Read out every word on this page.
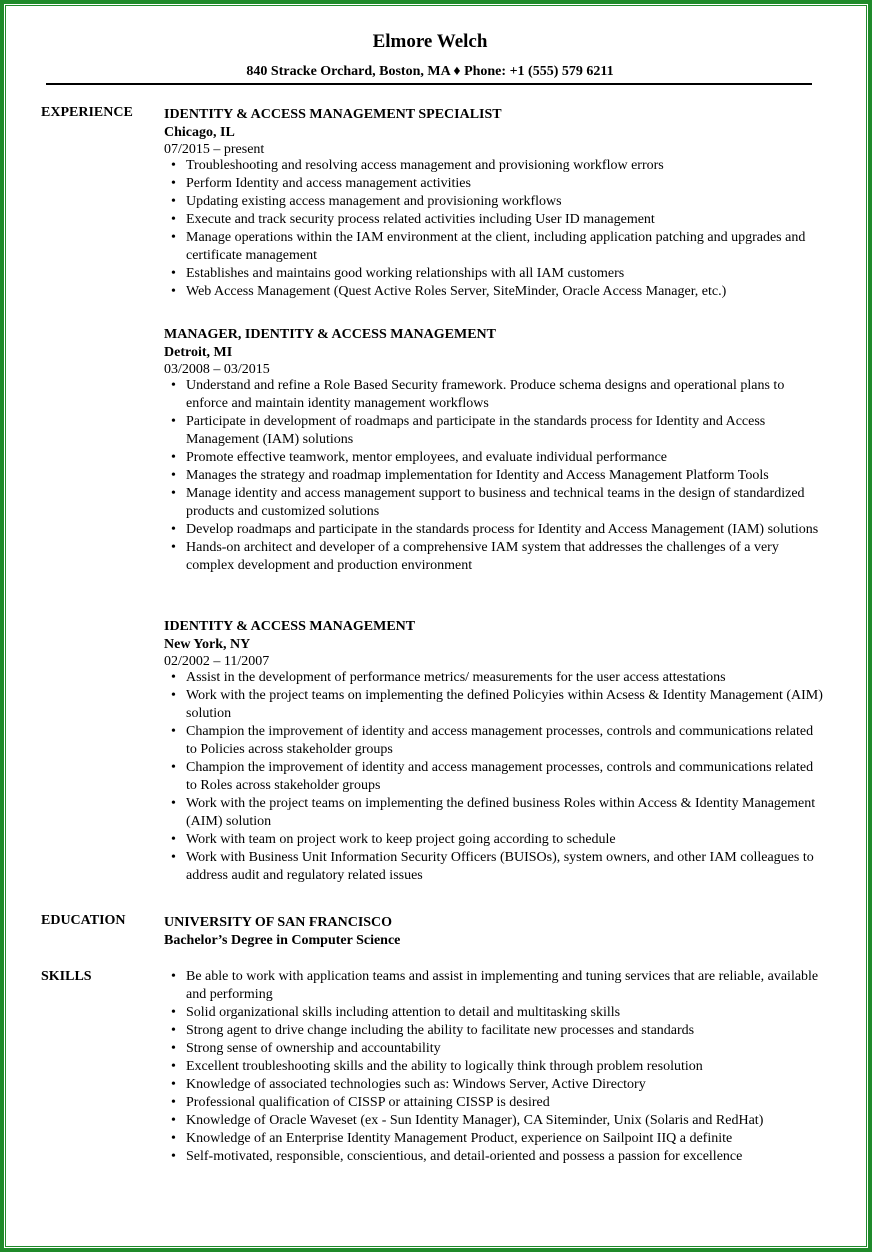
Elmore Welch
840 Stracke Orchard, Boston, MA ♦ Phone: +1 (555) 579 6211
EXPERIENCE IDENTITY & ACCESS MANAGEMENT SPECIALIST
Chicago, IL
07/2015 – present
• Troubleshooting and resolving access management and provisioning workflow errors
• Perform Identity and access management activities
• Updating existing access management and provisioning workflows
• Execute and track security process related activities including User ID management
• Manage operations within the IAM environment at the client, including application patching and upgrades and certificate management
• Establishes and maintains good working relationships with all IAM customers
• Web Access Management (Quest Active Roles Server, SiteMinder, Oracle Access Manager, etc.)
MANAGER, IDENTITY & ACCESS MANAGEMENT
Detroit, MI
03/2008 – 03/2015
• Understand and refine a Role Based Security framework. Produce schema designs and operational plans to enforce and maintain identity management workflows
• Participate in development of roadmaps and participate in the standards process for Identity and Access Management (IAM) solutions
• Promote effective teamwork, mentor employees, and evaluate individual performance
• Manages the strategy and roadmap implementation for Identity and Access Management Platform Tools
• Manage identity and access management support to business and technical teams in the design of standardized products and customized solutions
• Develop roadmaps and participate in the standards process for Identity and Access Management (IAM) solutions
• Hands-on architect and developer of a comprehensive IAM system that addresses the challenges of a very complex development and production environment
IDENTITY & ACCESS MANAGEMENT
New York, NY
02/2002 – 11/2007
• Assist in the development of performance metrics/ measurements for the user access attestations
• Work with the project teams on implementing the defined Policyies within Acsess & Identity Management (AIM) solution
• Champion the improvement of identity and access management processes, controls and communications related to Policies across stakeholder groups
• Champion the improvement of identity and access management processes, controls and communications related to Roles across stakeholder groups
• Work with the project teams on implementing the defined business Roles within Access & Identity Management (AIM) solution
• Work with team on project work to keep project going according to schedule
• Work with Business Unit Information Security Officers (BUISOs), system owners, and other IAM colleagues to address audit and regulatory related issues
EDUCATION	UNIVERSITY OF SAN FRANCISCO
Bachelor’s Degree in Computer Science
SKILLS	• Be able to work with application teams and assist in implementing and tuning services that are reliable, available and performing
• Solid organizational skills including attention to detail and multitasking skills
• Strong agent to drive change including the ability to facilitate new processes and standards
• Strong sense of ownership and accountability
• Excellent troubleshooting skills and the ability to logically think through problem resolution
• Knowledge of associated technologies such as: Windows Server, Active Directory
• Professional qualification of CISSP or attaining CISSP is desired
• Knowledge of Oracle Waveset (ex - Sun Identity Manager), CA Siteminder, Unix (Solaris and RedHat)
• Knowledge of an Enterprise Identity Management Product, experience on Sailpoint IIQ a definite
• Self-motivated, responsible, conscientious, and detail-oriented and possess a passion for excellence
